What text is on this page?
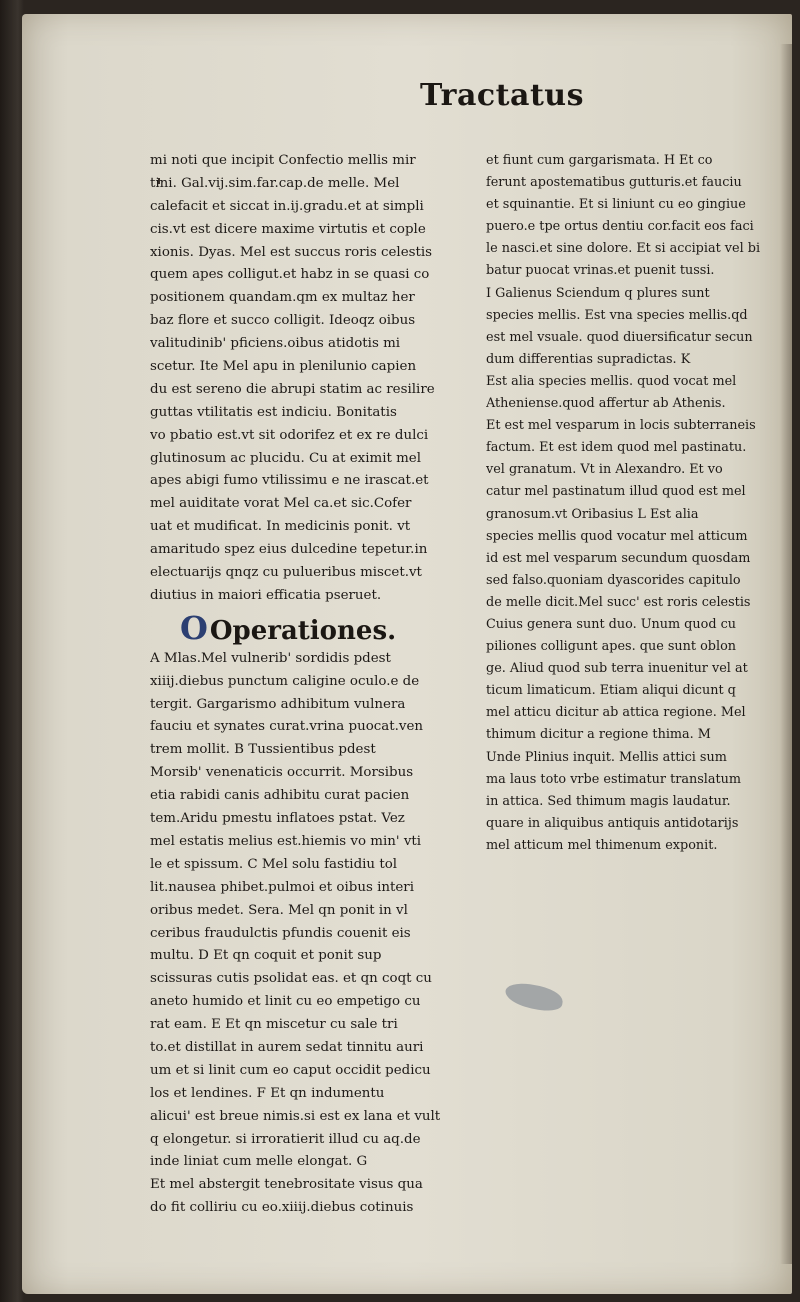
Tractatus
mi noti que incipit Confectio mellis mir
tini. Gal.vij.sim.far.cap.de melle. Mel
calefacit et siccat in.ij.gradu.et at simpli
cis.vt est dicere maxime virtutis et cople
xionis. Dyas. Mel est succus roris celestis
quem apes colligut.et habz in se quasi co
positionem quandam.qm ex multaz her
baz flore et succo colligit. Ideoqz oibus
valitudinib' pficiens.oibus atidotis mi
scetur. Ite Mel apu in plenilunio capien
du est sereno die abrupi statim ac resilire
guttas vtilitatis est indiciu. Bonitatis
vo pbatio est.vt sit odorifez et ex re dulci
glutinosum ac plucidu. Cu at eximit mel
apes abigi fumo vtilissimu e ne irascat.et
mel auiditate vorat Mel ca.et sic.Cofer
uat et mudificat. In medicinis ponit. vt
amaritudo spez eius dulcedine tepetur.in
electuarijs qnqz cu pulueribus miscet.vt
diutius in maiori efficatia pseruet.
OOperationes.
A Mlas.Mel vulnerib' sordidis pdest
xiiij.diebus punctum caligine oculo.e de
tergit. Gargarismo adhibitum vulnera
fauciu et synates curat.vrina puocat.ven
trem mollit. B Tussientibus pdest
Morsib' venenaticis occurrit. Morsibus
etia rabidi canis adhibitu curat pacien
tem.Aridu pmestu inflatoes pstat. Vez
mel estatis melius est.hiemis vo min' vti
le et spissum. C Mel solu fastidiu tol
lit.nausea phibet.pulmoi et oibus interi
oribus medet. Sera. Mel qn ponit in vl
ceribus fraudulctis pfundis couenit eis
multu. D Et qn coquit et ponit sup
scissuras cutis psolidat eas. et qn coqt cu
aneto humido et linit cu eo empetigo cu
rat eam. E Et qn miscetur cu sale tri
to.et distillat in aurem sedat tinnitu auri
um et si linit cum eo caput occidit pedicu
los et lendines. F Et qn indumentu
alicui' est breue nimis.si est ex lana et vult
q elongetur. si irroratierit illud cu aq.de
inde liniat cum melle elongat. G
Et mel abstergit tenebrositate visus qua
do fit colliriu cu eo.xiiij.diebus cotinuis
et fiunt cum gargarismata. H Et co
ferunt apostematibus gutturis.et fauciu
et squinantie. Et si liniunt cu eo gingiue
puero.e tpe ortus dentiu cor.facit eos faci
le nasci.et sine dolore. Et si accipiat vel bi
batur puocat vrinas.et puenit tussi.
I Galienus Sciendum q plures sunt
species mellis. Est vna species mellis.qd
est mel vsuale. quod diuersificatur secun
dum differentias supradictas. K
Est alia species mellis. quod vocat mel
Atheniense.quod affertur ab Athenis.
Et est mel vesparum in locis subterraneis
factum. Et est idem quod mel pastinatu.
vel granatum. Vt in Alexandro. Et vo
catur mel pastinatum illud quod est mel
granosum.vt Oribasius L Est alia
species mellis quod vocatur mel atticum
id est mel vesparum secundum quosdam
sed falso.quoniam dyascorides capitulo
de melle dicit.Mel succ' est roris celestis
Cuius genera sunt duo. Unum quod cu
piliones colligunt apes. que sunt oblon
ge. Aliud quod sub terra inuenitur vel at
ticum limaticum. Etiam aliqui dicunt q
mel atticu dicitur ab attica regione. Mel
thimum dicitur a regione thima. M
Unde Plinius inquit. Mellis attici sum
ma laus toto vrbe estimatur translatum
in attica. Sed thimum magis laudatur.
quare in aliquibus antiquis antidotarijs
mel atticum mel thimenum exponit.
